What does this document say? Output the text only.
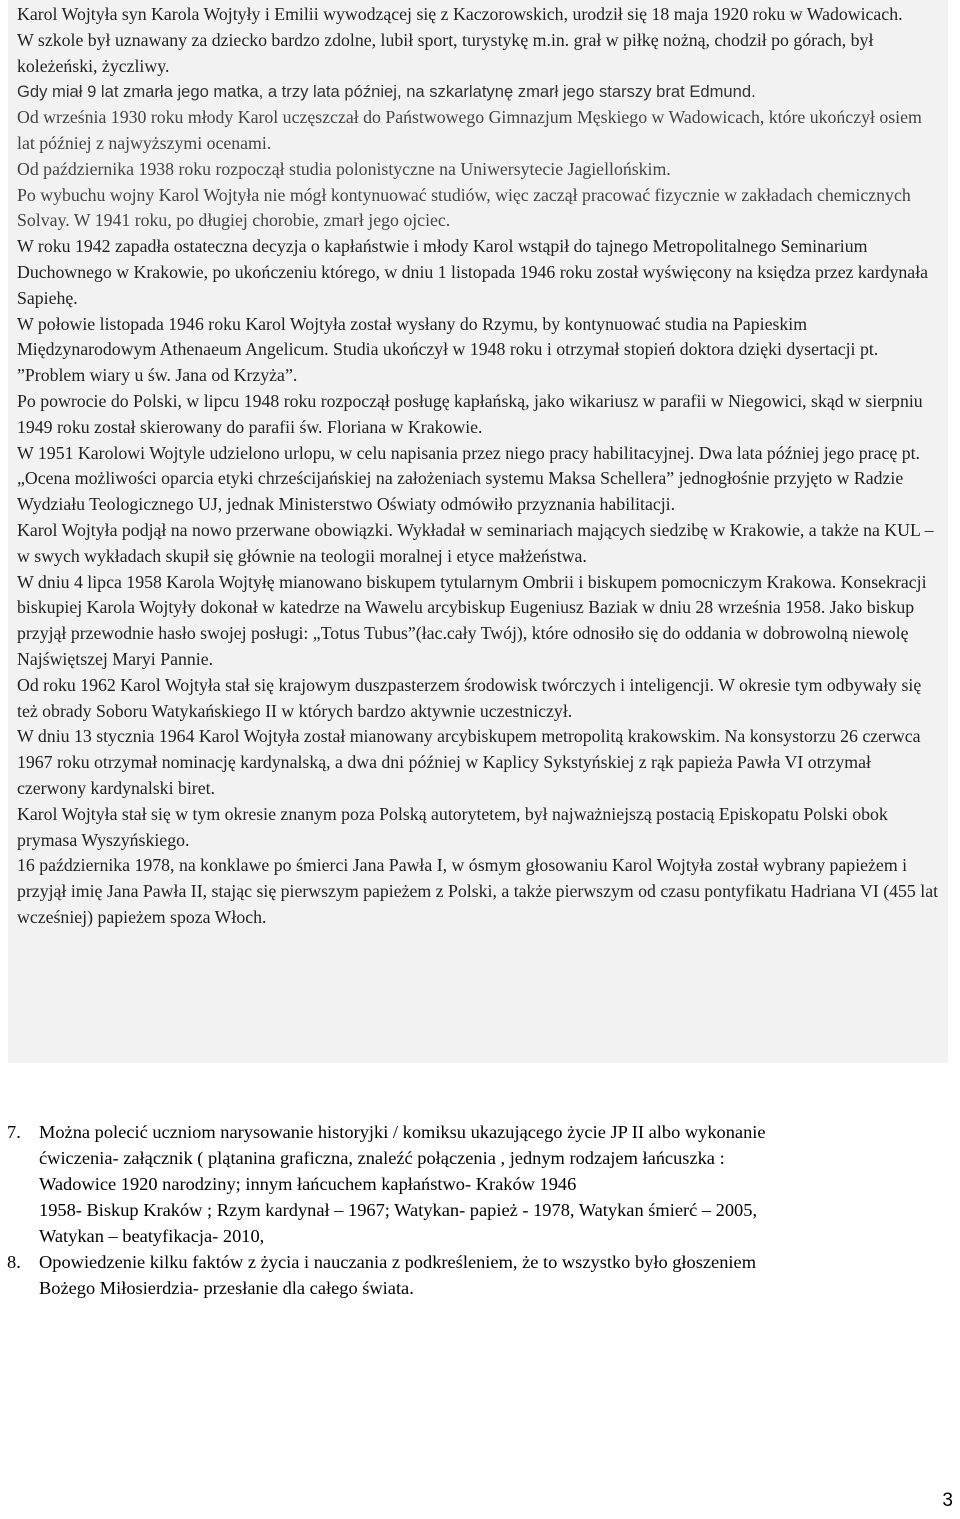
Karol Wojtyła syn Karola Wojtyły i Emilii wywodzącej się z Kaczorowskich, urodził się 18 maja 1920 roku w Wadowicach.

W szkole był uznawany za dziecko bardzo zdolne, lubił sport, turystykę m.in. grał w piłkę nożną, chodził po górach, był koleżeński, życzliwy.

Gdy miał 9 lat zmarła jego matka, a trzy lata później, na szkarlatynę zmarł jego starszy brat Edmund.

Od września 1930 roku młody Karol uczęszczał do Państwowego Gimnazjum Męskiego w Wadowicach, które ukończył osiem lat później z najwyższymi ocenami.

Od października 1938 roku rozpoczął studia polonistyczne na Uniwersytecie Jagiellońskim.

Po wybuchu wojny Karol Wojtyła nie mógł kontynuować studiów, więc zaczął pracować fizycznie w zakładach chemicznych Solvay. W 1941 roku, po długiej chorobie, zmarł jego ojciec.

W roku 1942 zapadła ostateczna decyzja o kapłaństwie i młody Karol wstąpił do tajnego Metropolitalnego Seminarium Duchownego w Krakowie, po ukończeniu którego, w dniu 1 listopada 1946 roku został wyświęcony na księdza przez kardynała Sapiehę.

W połowie listopada 1946 roku Karol Wojtyła został wysłany do Rzymu, by kontynuować studia na Papieskim Międzynarodowym Athenaeum Angelicum. Studia ukończył w 1948 roku i otrzymał stopień doktora dzięki dysertacji pt. ”Problem wiary u św. Jana od Krzyża”.

Po powrocie do Polski, w lipcu 1948 roku rozpoczął posługę kapłańską, jako wikariusz w parafii w Niegowici, skąd w sierpniu 1949 roku został skierowany do parafii św. Floriana w Krakowie.

W 1951 Karolowi Wojtyle udzielono urlopu, w celu napisania przez niego pracy habilitacyjnej. Dwa lata później jego pracę pt. „Ocena możliwości oparcia etyki chrześcijańskiej na założeniach systemu Maksa Schellera” jednogłośnie przyjęto w Radzie Wydziału Teologicznego UJ, jednak Ministerstwo Oświaty odmówiło przyznania habilitacji.

Karol Wojtyła podjął na nowo przerwane obowiązki. Wykładał w seminariach mających siedzibę w Krakowie, a także na KUL – w swych wykładach skupił się głównie na teologii moralnej i etyce małżeństwa.

W dniu 4 lipca 1958 Karola Wojtyłę mianowano biskupem tytularnym Ombrii i biskupem pomocniczym Krakowa. Konsekracji biskupiej Karola Wojtyły dokonał w katedrze na Wawelu arcybiskup Eugeniusz Baziak w dniu 28 września 1958. Jako biskup przyjął przewodnie hasło swojej posługi: „Totus Tubus”(łac.cały Twój), które odnosiło się do oddania w dobrowolną niewolę Najświętszej Maryi Pannie.

Od roku 1962 Karol Wojtyła stał się krajowym duszpasterzem środowisk twórczych i inteligencji. W okresie tym odbywały się też obrady Soboru Watykańskiego II w których bardzo aktywnie uczestniczył.

W dniu 13 stycznia 1964 Karol Wojtyła został mianowany arcybiskupem metropolitą krakowskim. Na konsystorzu 26 czerwca 1967 roku otrzymał nominację kardynalską, a dwa dni później w Kaplicy Sykstyńskiej z rąk papieża Pawła VI otrzymał czerwony kardynalski biret.

Karol Wojtyła stał się w tym okresie znanym poza Polską autorytetem, był najważniejszą postacią Episkopatu Polski obok prymasa Wyszyńskiego.

16 października 1978, na konklawe po śmierci Jana Pawła I, w ósmym głosowaniu Karol Wojtyła został wybrany papieżem i przyjął imię Jana Pawła II, stając się pierwszym papieżem z Polski, a także pierwszym od czasu pontyfikatu Hadriana VI (455 lat wcześniej) papieżem spoza Włoch.

7. Można polecić uczniom narysowanie historyjki / komiksu ukazującego życie JP II albo wykonanie
ćwiczenia- załącznik ( plątanina graficzna, znaleźć połączenia , jednym rodzajem łańcuszka :
Wadowice 1920 narodziny; innym łańcuchem kapłaństwo- Kraków 1946
1958- Biskup Kraków ; Rzym kardynał – 1967; Watykan- papież - 1978, Watykan śmierć – 2005,
Watykan – beatyfikacja- 2010,
8. Opowiedzenie kilku faktów z życia i nauczania z podkreśleniem, że to wszystko było głoszeniem
Bożego Miłosierdzia- przesłanie dla całego świata.
3
